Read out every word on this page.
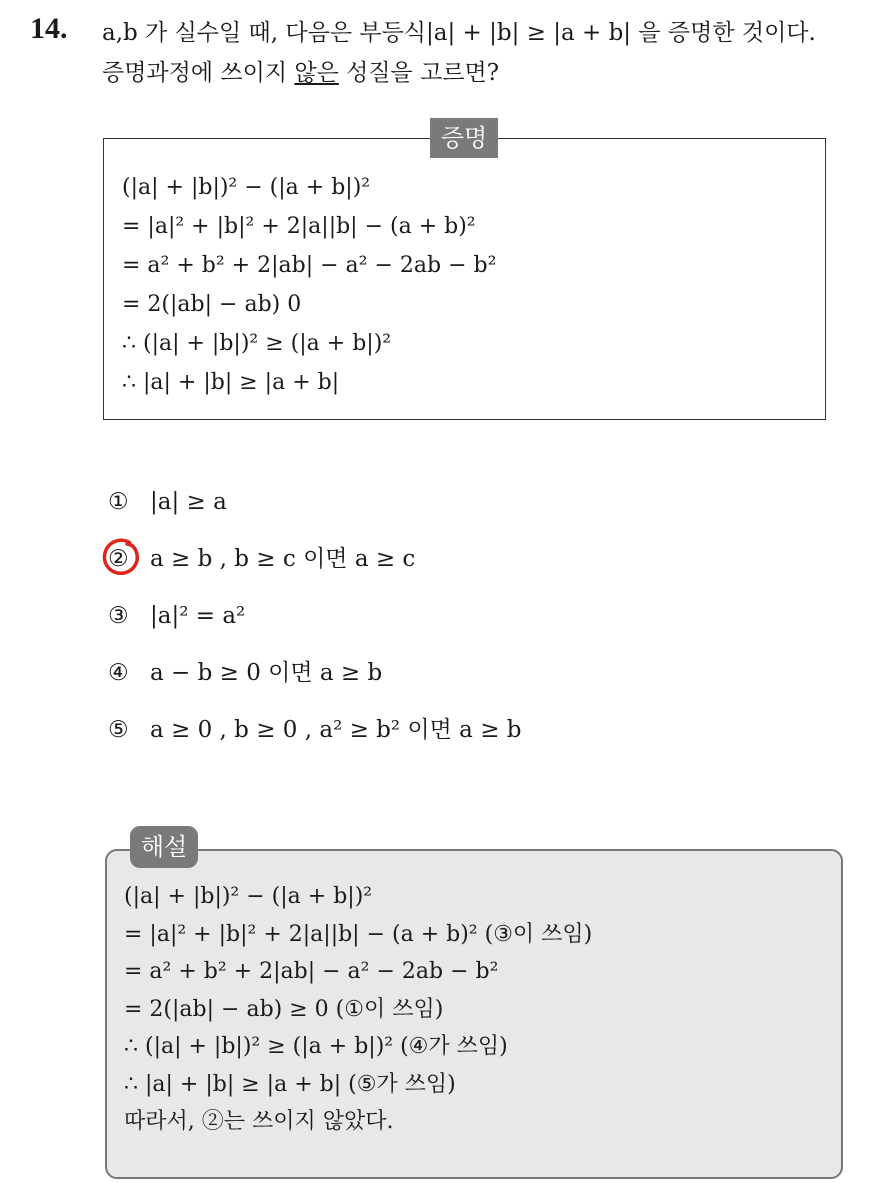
14. a,b 가 실수일 때, 다음은 부등식|a| + |b| ≥ |a + b| 을 증명한 것이다.
증명과정에 쓰이지 않은 성질을 고르면?
증명
(|a| + |b|)² − (|a + b|)²
= |a|² + |b|² + 2|a||b| − (a + b)²
= a² + b² + 2|ab| − a² − 2ab − b²
= 2(|ab| − ab) 0
∴ (|a| + |b|)² ≥ (|a + b|)²
∴ |a| + |b| ≥ |a + b|
① |a| ≥ a
② a ≥ b , b ≥ c 이면 a ≥ c
③ |a|² = a²
④ a − b ≥ 0 이면 a ≥ b
⑤ a ≥ 0 , b ≥ 0 , a² ≥ b² 이면 a ≥ b
해설
(|a| + |b|)² − (|a + b|)²
= |a|² + |b|² + 2|a||b| − (a + b)² (③이 쓰임)
= a² + b² + 2|ab| − a² − 2ab − b²
= 2(|ab| − ab) ≥ 0 (①이 쓰임)
∴ (|a| + |b|)² ≥ (|a + b|)² (④가 쓰임)
∴ |a| + |b| ≥ |a + b| (⑤가 쓰임)
따라서, ②는 쓰이지 않았다.
